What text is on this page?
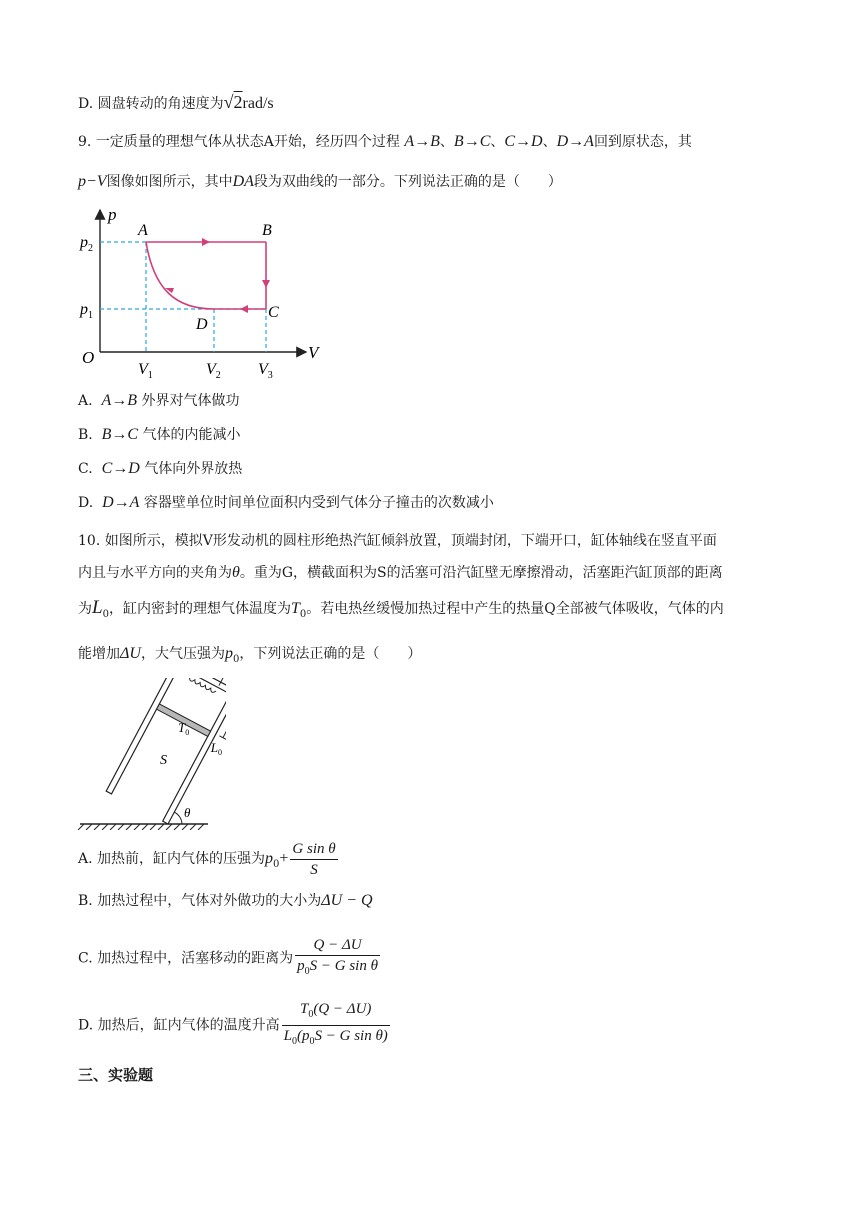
D. 圆盘转动的角速度为√2rad/s
9. 一定质量的理想气体从状态A开始，经历四个过程 A→B、B→C、C→D、D→A回到原状态，其
p−V图像如图所示，其中DA段为双曲线的一部分。下列说法正确的是（　　）
p
V
O
A	B
C
D
$p_2$
$p_1$
$V_1$	$V_2$ $V_3$
A. A→B 外界对气体做功
B. B→C 气体的内能减小
C. C→D 气体向外界放热
D. D→A 容器壁单位时间单位面积内受到气体分子撞击的次数减小
10. 如图所示，模拟V形发动机的圆柱形绝热汽缸倾斜放置，顶端封闭，下端开口，缸体轴线在竖直平面
内且与水平方向的夹角为θ。重为G，横截面积为S的活塞可沿汽缸壁无摩擦滑动，活塞距汽缸顶部的距离
为$L_0$，缸内密封的理想气体温度为$T_0$。若电热丝缓慢加热过程中产生的热量Q全部被气体吸收，气体的内
能增加ΔU，大气压强为$p_0$，下列说法正确的是（　　）
θ
$T_0$
$L_0$
S
A. 加热前，缸内气体的压强为$p_0+ \frac{\text{G sin θ}}{S}$
B. 加热过程中，气体对外做功的大小为ΔU − Q
C. 加热过程中，活塞移动的距离为 $\frac{Q - \Delta U}{p_0S - G \sin \theta}$
D. 加热后，缸内气体的温度升高 $\frac{T_0(Q - \Delta U)}{L_0(p_0S - G \sin \theta)}$
三、实验题
